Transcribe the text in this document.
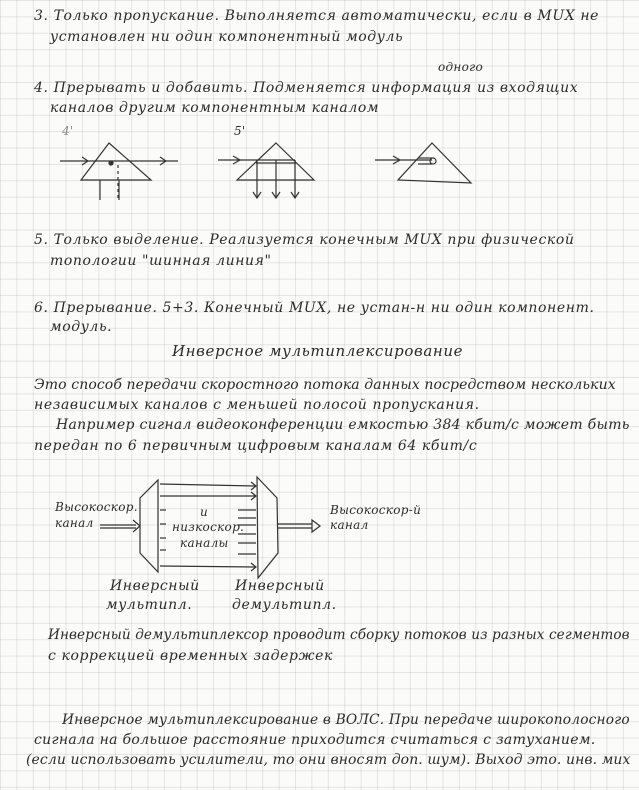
3. Только пропускание. Выполняется автоматически, если в MUX не
установлен ни один компонентный модуль
одного
4. Прерывать и добавить. Подменяется информация из входящих
каналов другим компонентным каналом
4'	5'
5. Только выделение. Реализуется конечным MUX при физической
топологии "шинная линия"
6. Прерывание. 5+3. Конечный MUX, не устан-н ни один компонент.
модуль.
Инверсное мультиплексирование
Это способ передачи скоростного потока данных посредством нескольких
независимых каналов с меньшей полосой пропускания.
Например сигнал видеоконференции емкостью 384 кбит/с может быть
передан по 6 первичным цифровым каналам 64 кбит/с
Высокоскор.
канал
и
низкоскор.
каналы
Высокоскор-й
канал
Инверсный
мультипл.
Инверсный
демультипл.
Инверсный демультиплексор проводит сборку потоков из разных сегментов
с коррекцией временных задержек
Инверсное мультиплексирование в ВОЛС. При передаче широкополосного
сигнала на большое расстояние приходится считаться с затуханием.
(если использовать усилители, то они вносят доп. шум). Выход это. инв. мux
